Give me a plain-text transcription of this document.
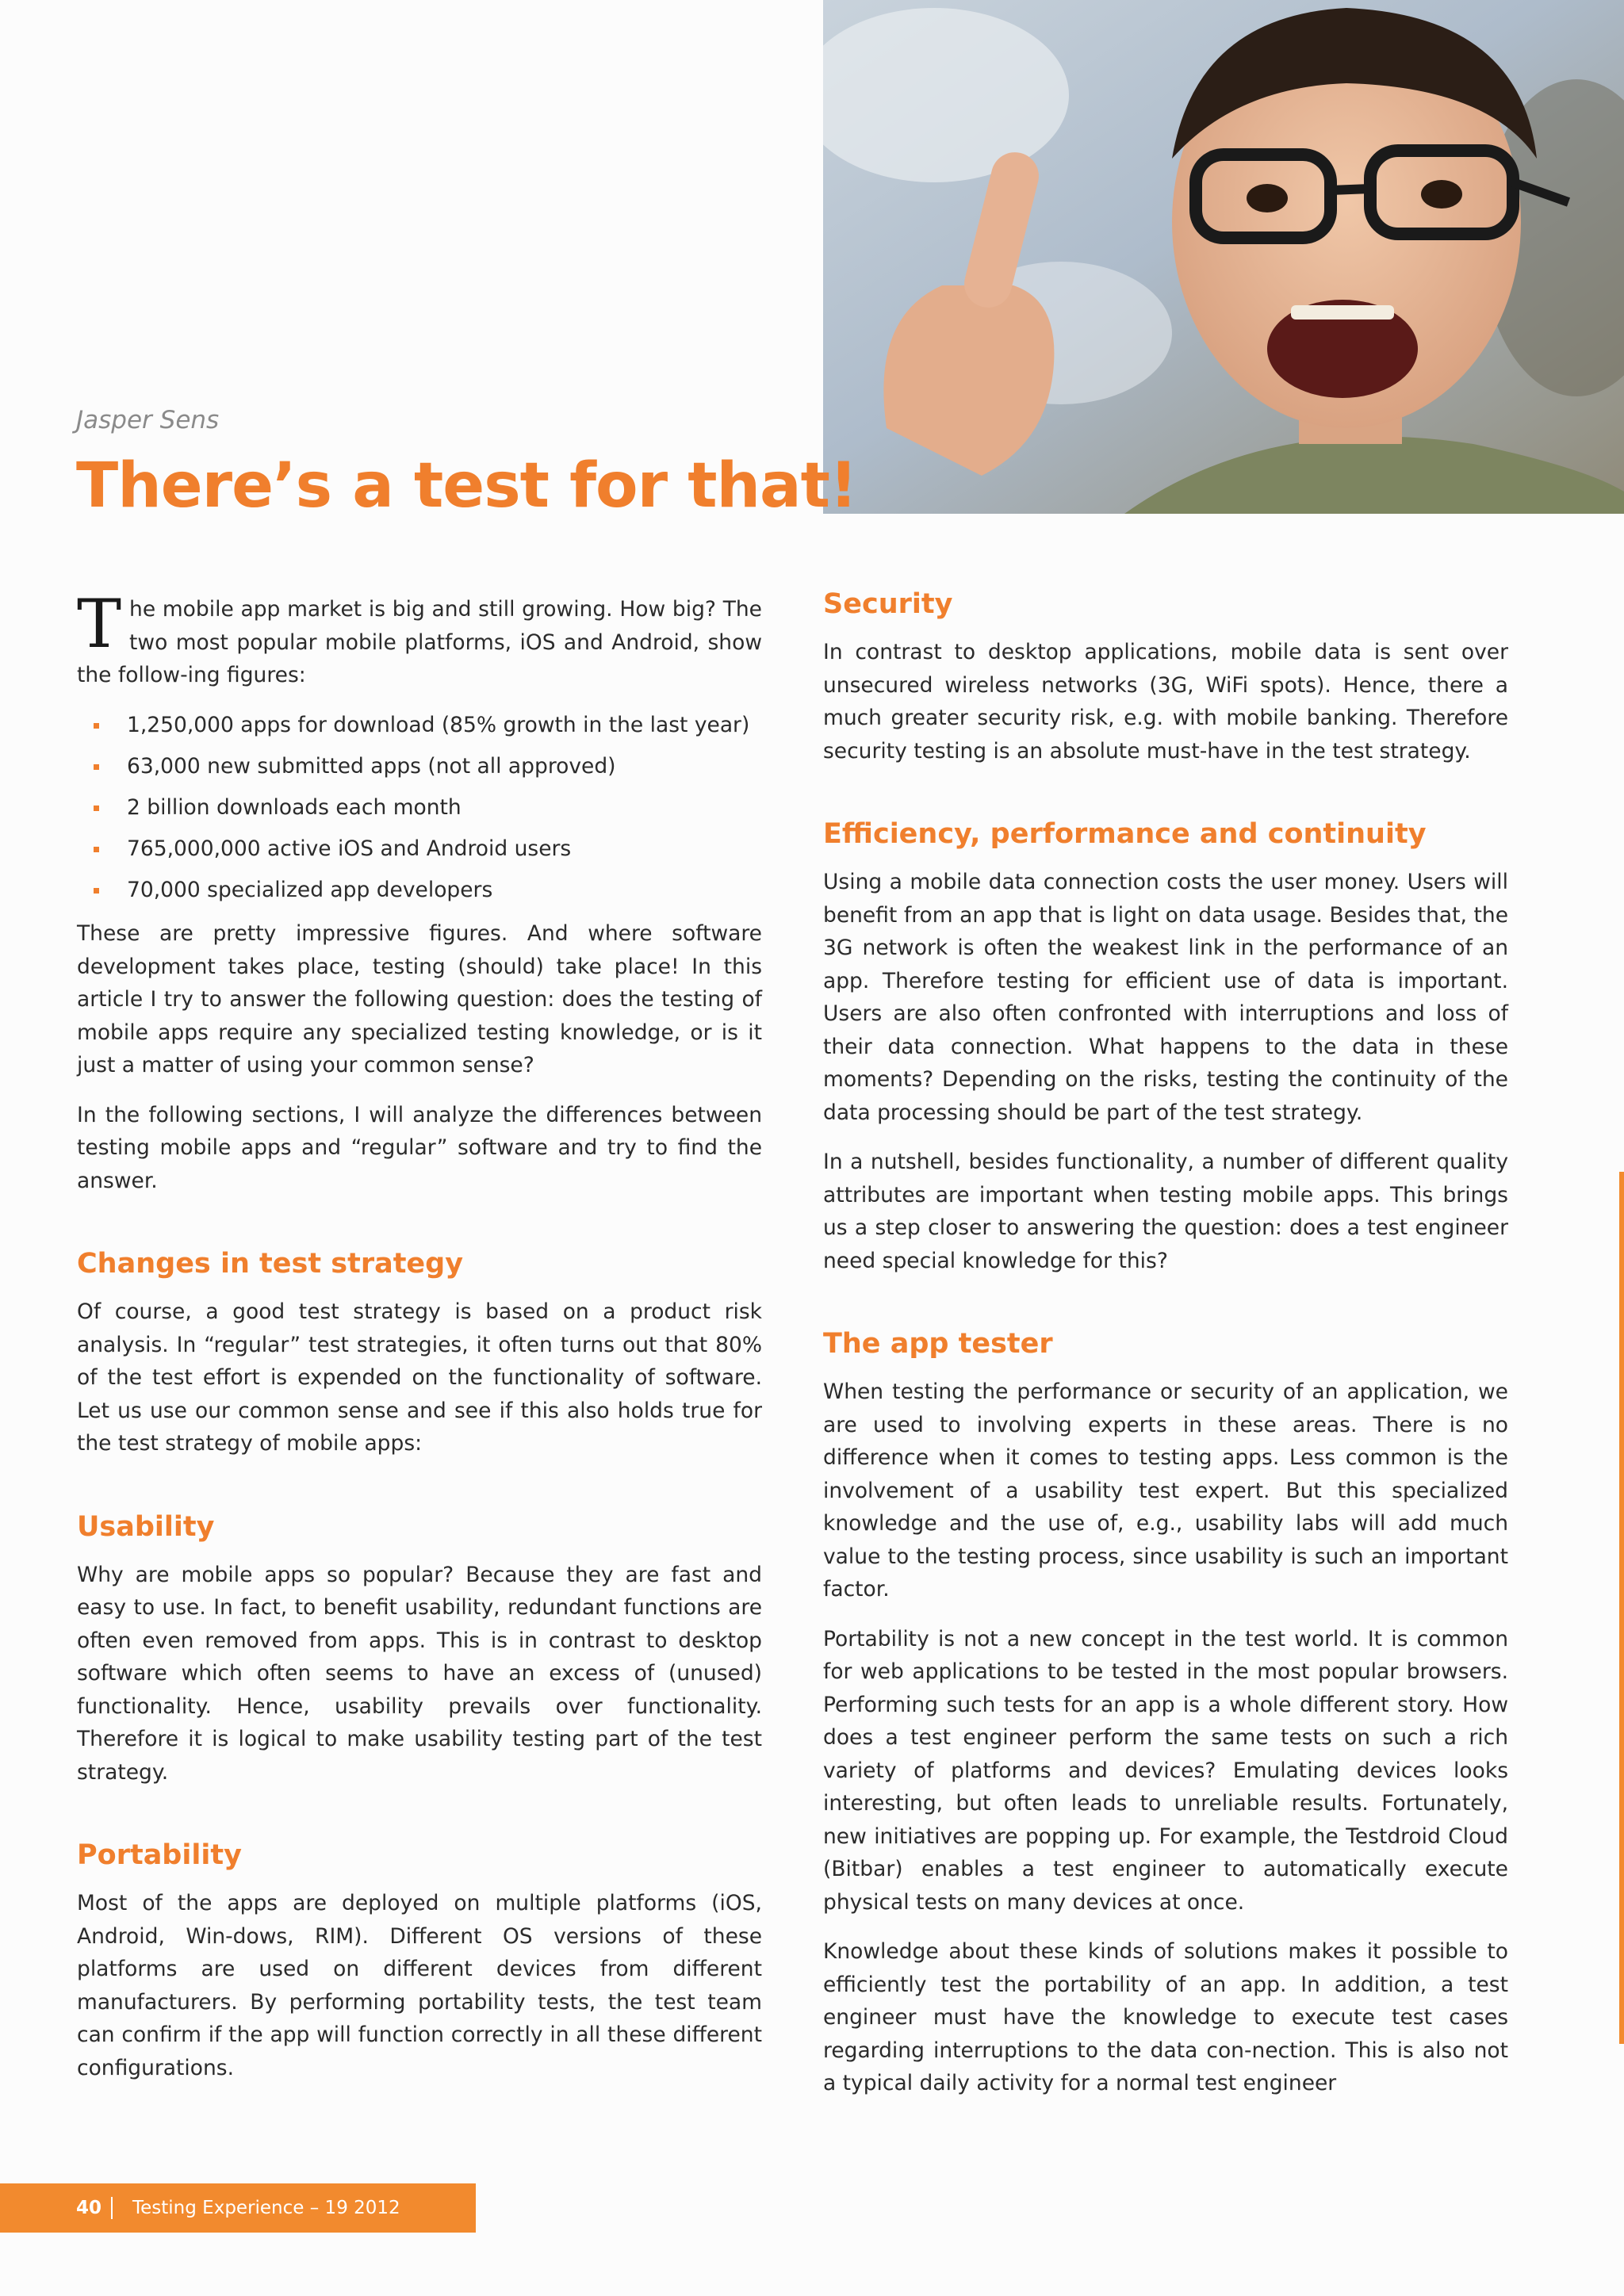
Jasper Sens

There’s a test for that!

The mobile app market is big and still growing. How big? The two most popular mobile platforms, iOS and Android, show the follow-ing figures:

1,250,000 apps for download (85% growth in the last year)
63,000 new submitted apps (not all approved)
2 billion downloads each month
765,000,000 active iOS and Android users
70,000 specialized app developers

These are pretty impressive figures. And where software development takes place, testing (should) take place! In this article I try to answer the following question: does the testing of mobile apps require any specialized testing knowledge, or is it just a matter of using your common sense?

In the following sections, I will analyze the differences between testing mobile apps and “regular” software and try to find the answer.

Changes in test strategy

Of course, a good test strategy is based on a product risk analysis. In “regular” test strategies, it often turns out that 80% of the test effort is expended on the functionality of software. Let us use our common sense and see if this also holds true for the test strategy of mobile apps:

Usability

Why are mobile apps so popular? Because they are fast and easy to use. In fact, to benefit usability, redundant functions are often even removed from apps. This is in contrast to desktop software which often seems to have an excess of (unused) functionality. Hence, usability prevails over functionality. Therefore it is logical to make usability testing part of the test strategy.

Portability

Most of the apps are deployed on multiple platforms (iOS, Android, Win-dows, RIM). Different OS versions of these platforms are used on different devices from different manufacturers. By performing portability tests, the test team can confirm if the app will function correctly in all these different configurations.

Security

In contrast to desktop applications, mobile data is sent over unsecured wireless networks (3G, WiFi spots). Hence, there a much greater security risk, e.g. with mobile banking. Therefore security testing is an absolute must-have in the test strategy.

Efficiency, performance and continuity

Using a mobile data connection costs the user money. Users will benefit from an app that is light on data usage. Besides that, the 3G network is often the weakest link in the performance of an app. Therefore testing for efficient use of data is important. Users are also often confronted with interruptions and loss of their data connection. What happens to the data in these moments? Depending on the risks, testing the continuity of the data processing should be part of the test strategy.

In a nutshell, besides functionality, a number of different quality attributes are important when testing mobile apps. This brings us a step closer to answering the question: does a test engineer need special knowledge for this?

The app tester

When testing the performance or security of an application, we are used to involving experts in these areas. There is no difference when it comes to testing apps. Less common is the involvement of a usability test expert. But this specialized knowledge and the use of, e.g., usability labs will add much value to the testing process, since usability is such an important factor.

Portability is not a new concept in the test world. It is common for web applications to be tested in the most popular browsers. Performing such tests for an app is a whole different story. How does a test engineer perform the same tests on such a rich variety of platforms and devices? Emulating devices looks interesting, but often leads to unreliable results. Fortunately, new initiatives are popping up. For example, the Testdroid Cloud (Bitbar) enables a test engineer to automatically execute physical tests on many devices at once.

Knowledge about these kinds of solutions makes it possible to efficiently test the portability of an app. In addition, a test engineer must have the knowledge to execute test cases regarding interruptions to the data con-nection. This is also not a typical daily activity for a normal test engineer

40 Testing Experience – 19 2012
